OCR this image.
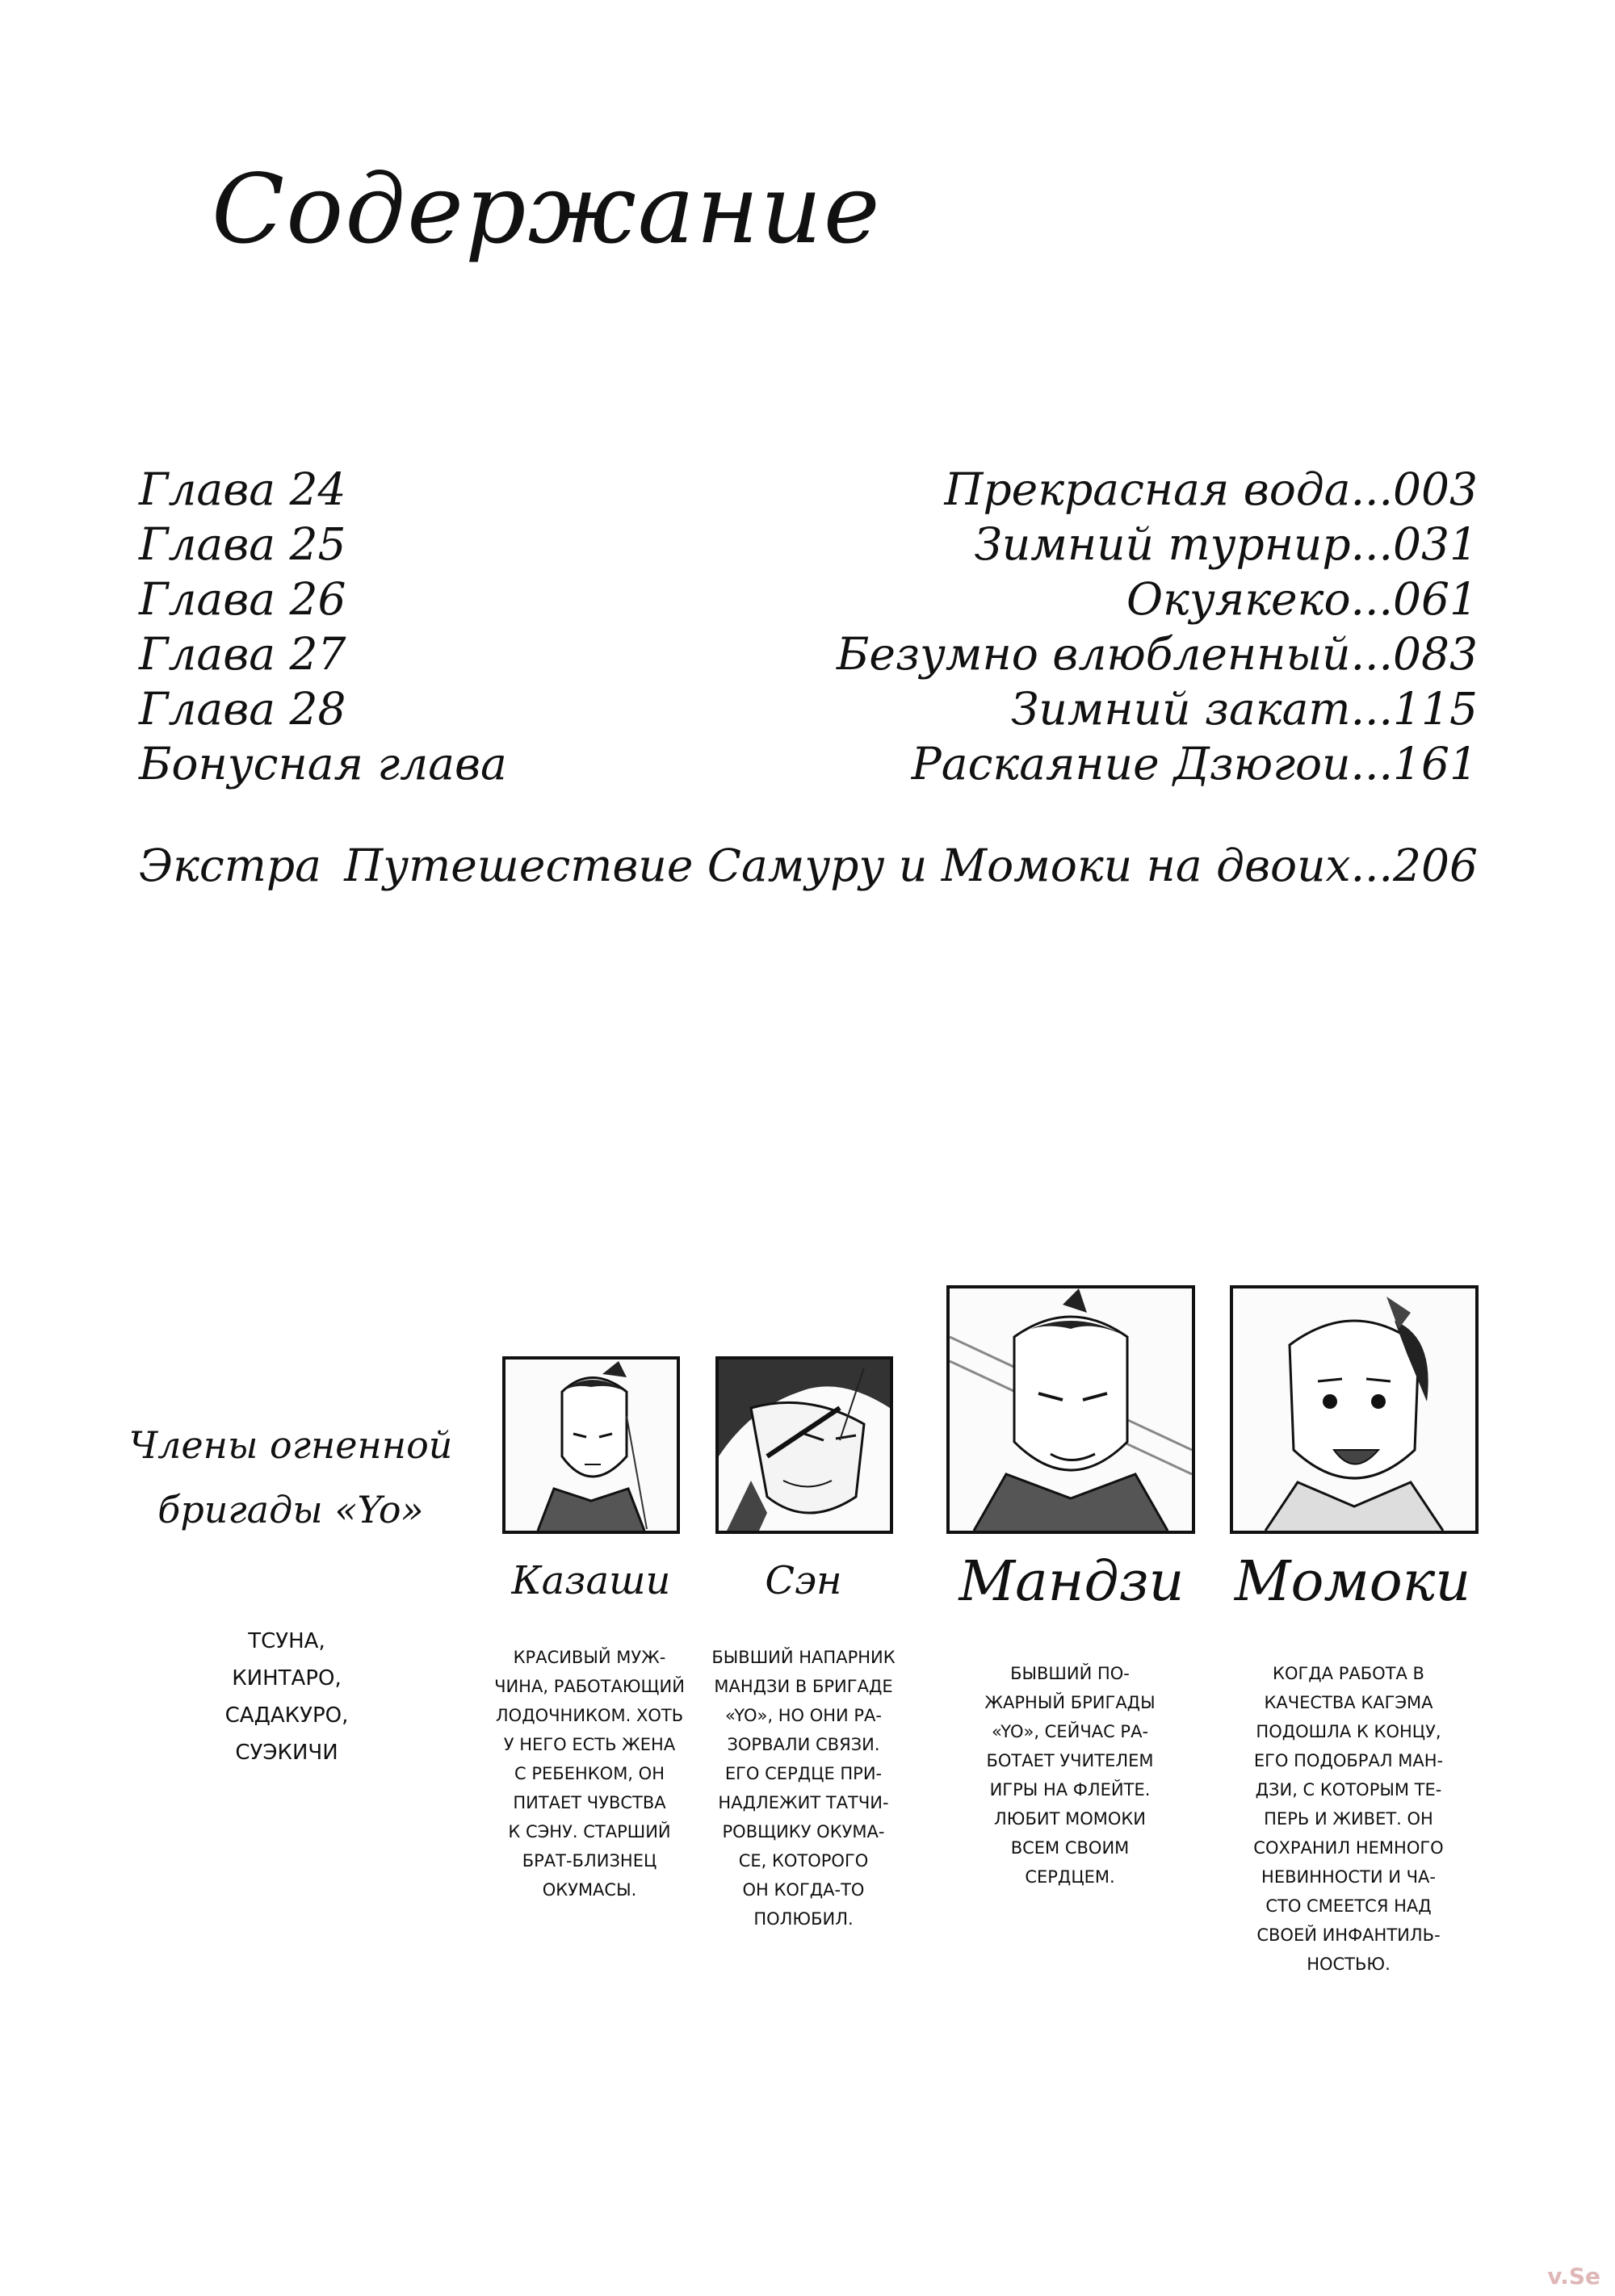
Содержание
Глава 24	Прекрасная вода...003
Глава 25	Зимний турнир...031
Глава 26	Окуякеко...061
Глава 27	Безумно влюбленный...083
Глава 28	Зимний закат...115
Бонусная глава	Раскаяние Дзюгои...161
Экстра Путешествие Самуру и Момоки на двоих...206
Члены огненной
бригады «Yo»
ТСУНА,
КИНТАРО,
САДАКУРО,
СУЭКИЧИ
Казаши
КРАСИВЫЙ МУЖ-
ЧИНА, РАБОТАЮЩИЙ
ЛОДОЧНИКОМ. ХОТЬ
У НЕГО ЕСТЬ ЖЕНА
С РЕБЕНКОМ, ОН
ПИТАЕТ ЧУВСТВА
К СЭНУ. СТАРШИЙ
БРАТ-БЛИЗНЕЦ
ОКУМАСЫ.
Сэн
БЫВШИЙ НАПАРНИК
МАНДЗИ В БРИГАДЕ
«YO», НО ОНИ РА-
ЗОРВАЛИ СВЯЗИ.
ЕГО СЕРДЦЕ ПРИ-
НАДЛЕЖИТ ТАТЧИ-
РОВЩИКУ ОКУМА-
СЕ, КОТОРОГО
ОН КОГДА-ТО
ПОЛЮБИЛ.
Мандзи
БЫВШИЙ ПО-
ЖАРНЫЙ БРИГАДЫ
«YO», СЕЙЧАС РА-
БОТАЕТ УЧИТЕЛЕМ
ИГРЫ НА ФЛЕЙТЕ.
ЛЮБИТ МОМОКИ
ВСЕМ СВОИМ
СЕРДЦЕМ.
Момоки
КОГДА РАБОТА В
КАЧЕСТВА КАГЭМА
ПОДОШЛА К КОНЦУ,
ЕГО ПОДОБРАЛ МАН-
ДЗИ, С КОТОРЫМ ТЕ-
ПЕРЬ И ЖИВЕТ. ОН
СОХРАНИЛ НЕМНОГО
НЕВИННОСТИ И ЧА-
СТО СМЕЕТСЯ НАД
СВОЕЙ ИНФАНТИЛЬ-
НОСТЬЮ.
v.Se
